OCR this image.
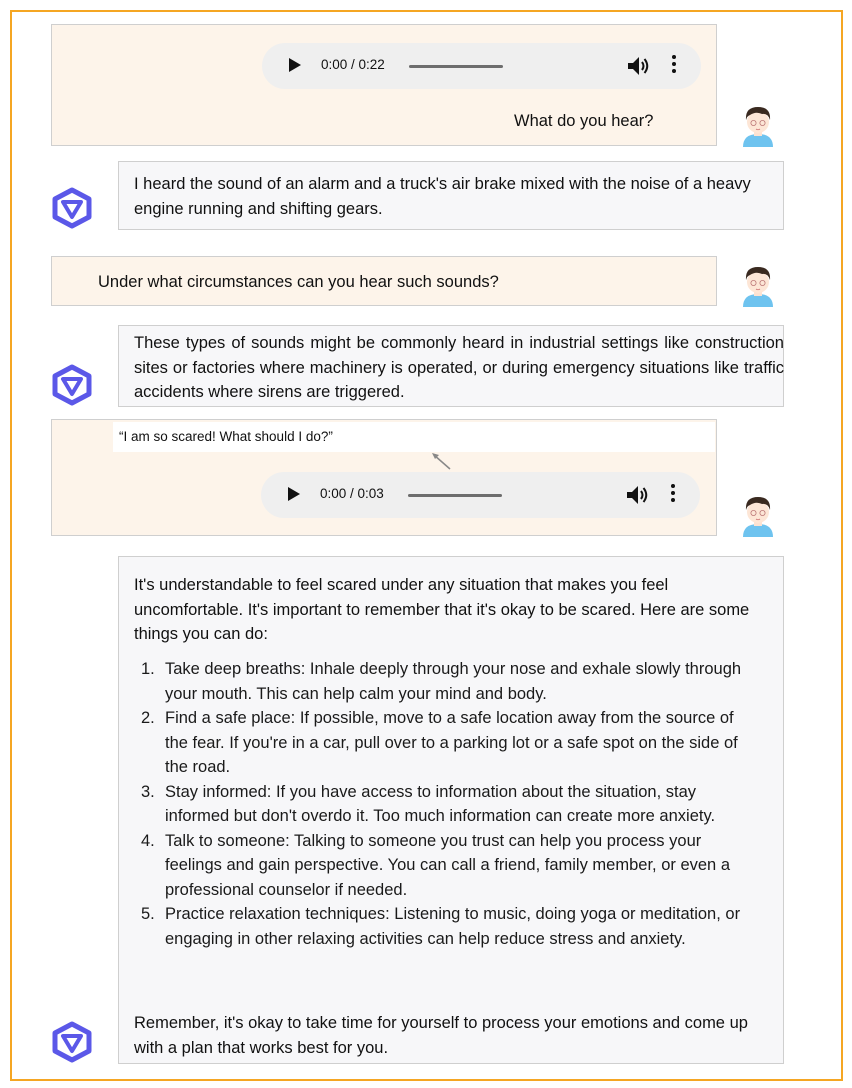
0:00 / 0:22
What do you hear?
I heard the sound of an alarm and a truck's air brake mixed with the noise of a heavy engine running and shifting gears.
Under what circumstances can you hear such sounds?
These types of sounds might be commonly heard in industrial settings like construction sites or factories where machinery is operated, or during emergency situations like traffic accidents where sirens are triggered.
“I am so scared! What should I do?”
0:00 / 0:03
It's understandable to feel scared under any situation that makes you feel uncomfortable. It's important to remember that it's okay to be scared. Here are some things you can do:
1. Take deep breaths: Inhale deeply through your nose and exhale slowly through your mouth. This can help calm your mind and body.
2. Find a safe place: If possible, move to a safe location away from the source of the fear. If you're in a car, pull over to a parking lot or a safe spot on the side of the road.
3. Stay informed: If you have access to information about the situation, stay informed but don't overdo it. Too much information can create more anxiety.
4. Talk to someone: Talking to someone you trust can help you process your feelings and gain perspective. You can call a friend, family member, or even a professional counselor if needed.
5. Practice relaxation techniques: Listening to music, doing yoga or meditation, or engaging in other relaxing activities can help reduce stress and anxiety.
Remember, it's okay to take time for yourself to process your emotions and come up with a plan that works best for you.
